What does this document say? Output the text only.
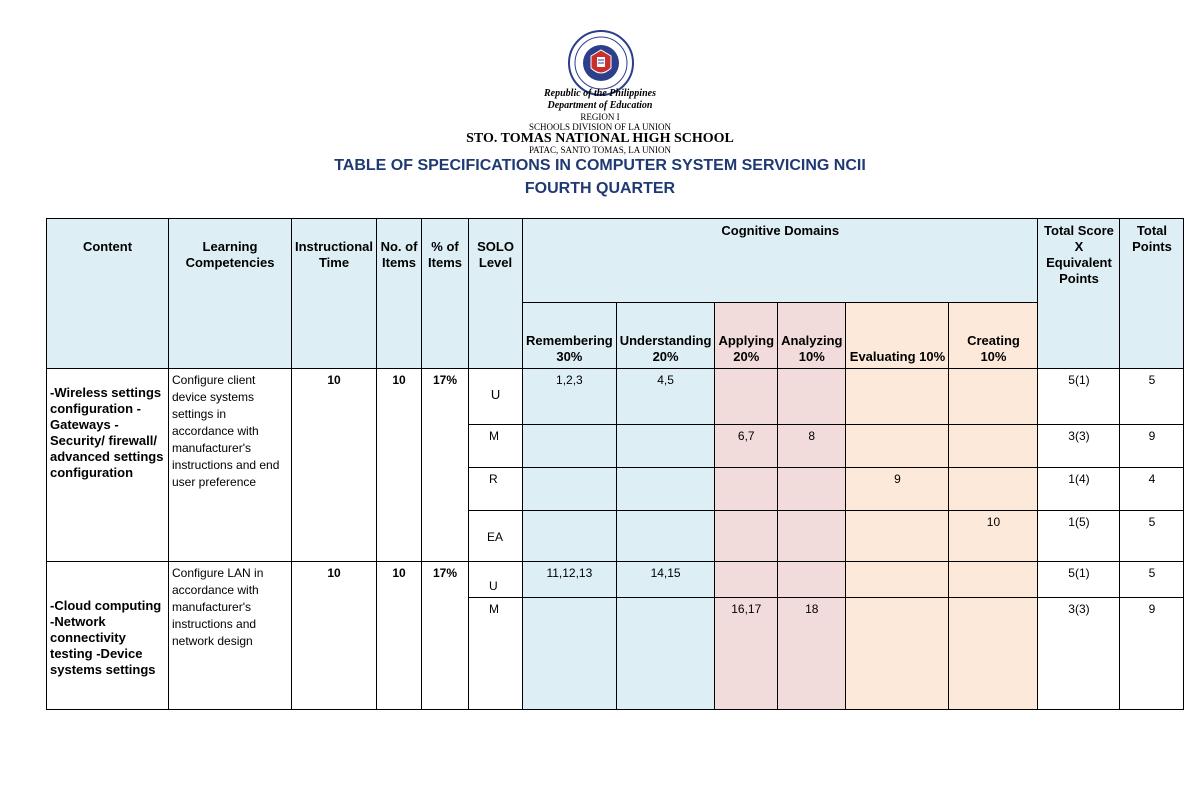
Republic of the Philippines
Department of Education
REGION I
SCHOOLS DIVISION OF LA UNION
STO. TOMAS NATIONAL HIGH SCHOOL
PATAC, SANTO TOMAS, LA UNION
TABLE OF SPECIFICATIONS IN COMPUTER SYSTEM SERVICING NCII
FOURTH QUARTER
Content	Learning Competencies	Instructional Time	No. of Items	% of Items	SOLO Level	Cognitive Domains						Total Score X Equivalent Points	Total Points
						Remembering 30%	Understanding 20%	Applying 20%	Analyzing 10%	Evaluating 10%	Creating 10%		
-Wireless settings configuration -Gateways -Security/ firewall/ advanced settings configuration	Configure client device systems settings in accordance with manufacturer's instructions and end user preference	10	10	17%	U	1,2,3	4,5					5(1)	5
					M			6,7	8			3(3)	9
					R					9		1(4)	4
					EA						10	1(5)	5
-Cloud computing -Network connectivity testing -Device systems settings	Configure LAN in accordance with manufacturer's instructions and network design	10	10	17%	U	11,12,13	14,15					5(1)	5
					M			16,17	18			3(3)	9
